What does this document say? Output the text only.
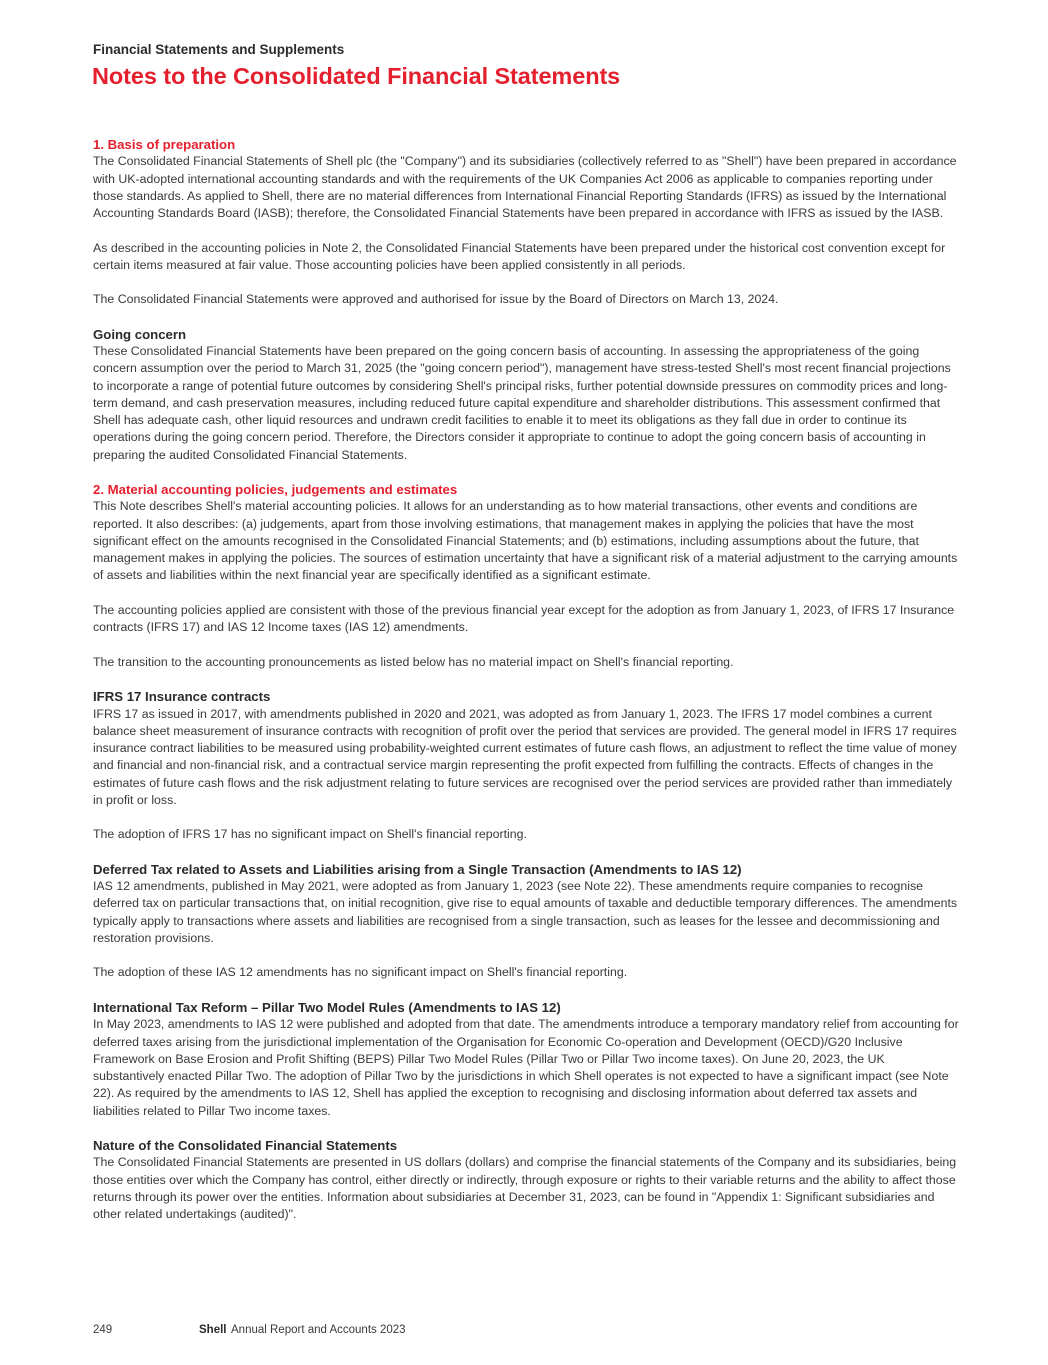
Financial Statements and Supplements
Notes to the Consolidated Financial Statements

1. Basis of preparation

The Consolidated Financial Statements of Shell plc (the "Company") and its subsidiaries (collectively referred to as "Shell") have been prepared in accordance with UK-adopted international accounting standards and with the requirements of the UK Companies Act 2006 as applicable to companies reporting under those standards. As applied to Shell, there are no material differences from International Financial Reporting Standards (IFRS) as issued by the International Accounting Standards Board (IASB); therefore, the Consolidated Financial Statements have been prepared in accordance with IFRS as issued by the IASB.

As described in the accounting policies in Note 2, the Consolidated Financial Statements have been prepared under the historical cost convention except for certain items measured at fair value. Those accounting policies have been applied consistently in all periods.

The Consolidated Financial Statements were approved and authorised for issue by the Board of Directors on March 13, 2024.

Going concern

These Consolidated Financial Statements have been prepared on the going concern basis of accounting. In assessing the appropriateness of the going concern assumption over the period to March 31, 2025 (the "going concern period"), management have stress-tested Shell's most recent financial projections to incorporate a range of potential future outcomes by considering Shell's principal risks, further potential downside pressures on commodity prices and long-term demand, and cash preservation measures, including reduced future capital expenditure and shareholder distributions. This assessment confirmed that Shell has adequate cash, other liquid resources and undrawn credit facilities to enable it to meet its obligations as they fall due in order to continue its operations during the going concern period. Therefore, the Directors consider it appropriate to continue to adopt the going concern basis of accounting in preparing the audited Consolidated Financial Statements.

2. Material accounting policies, judgements and estimates

This Note describes Shell's material accounting policies. It allows for an understanding as to how material transactions, other events and conditions are reported. It also describes: (a) judgements, apart from those involving estimations, that management makes in applying the policies that have the most significant effect on the amounts recognised in the Consolidated Financial Statements; and (b) estimations, including assumptions about the future, that management makes in applying the policies. The sources of estimation uncertainty that have a significant risk of a material adjustment to the carrying amounts of assets and liabilities within the next financial year are specifically identified as a significant estimate.

The accounting policies applied are consistent with those of the previous financial year except for the adoption as from January 1, 2023, of IFRS 17 Insurance contracts (IFRS 17) and IAS 12 Income taxes (IAS 12) amendments.

The transition to the accounting pronouncements as listed below has no material impact on Shell's financial reporting.

IFRS 17 Insurance contracts

IFRS 17 as issued in 2017, with amendments published in 2020 and 2021, was adopted as from January 1, 2023. The IFRS 17 model combines a current balance sheet measurement of insurance contracts with recognition of profit over the period that services are provided. The general model in IFRS 17 requires insurance contract liabilities to be measured using probability-weighted current estimates of future cash flows, an adjustment to reflect the time value of money and financial and non-financial risk, and a contractual service margin representing the profit expected from fulfilling the contracts. Effects of changes in the estimates of future cash flows and the risk adjustment relating to future services are recognised over the period services are provided rather than immediately in profit or loss.

The adoption of IFRS 17 has no significant impact on Shell's financial reporting.

Deferred Tax related to Assets and Liabilities arising from a Single Transaction (Amendments to IAS 12)

IAS 12 amendments, published in May 2021, were adopted as from January 1, 2023 (see Note 22). These amendments require companies to recognise deferred tax on particular transactions that, on initial recognition, give rise to equal amounts of taxable and deductible temporary differences. The amendments typically apply to transactions where assets and liabilities are recognised from a single transaction, such as leases for the lessee and decommissioning and restoration provisions.

The adoption of these IAS 12 amendments has no significant impact on Shell's financial reporting.

International Tax Reform – Pillar Two Model Rules (Amendments to IAS 12)

In May 2023, amendments to IAS 12 were published and adopted from that date. The amendments introduce a temporary mandatory relief from accounting for deferred taxes arising from the jurisdictional implementation of the Organisation for Economic Co-operation and Development (OECD)/G20 Inclusive Framework on Base Erosion and Profit Shifting (BEPS) Pillar Two Model Rules (Pillar Two or Pillar Two income taxes). On June 20, 2023, the UK substantively enacted Pillar Two. The adoption of Pillar Two by the jurisdictions in which Shell operates is not expected to have a significant impact (see Note 22). As required by the amendments to IAS 12, Shell has applied the exception to recognising and disclosing information about deferred tax assets and liabilities related to Pillar Two income taxes.

Nature of the Consolidated Financial Statements

The Consolidated Financial Statements are presented in US dollars (dollars) and comprise the financial statements of the Company and its subsidiaries, being those entities over which the Company has control, either directly or indirectly, through exposure or rights to their variable returns and the ability to affect those returns through its power over the entities. Information about subsidiaries at December 31, 2023, can be found in "Appendix 1: Significant subsidiaries and other related undertakings (audited)".

249	Shell Annual Report and Accounts 2023
